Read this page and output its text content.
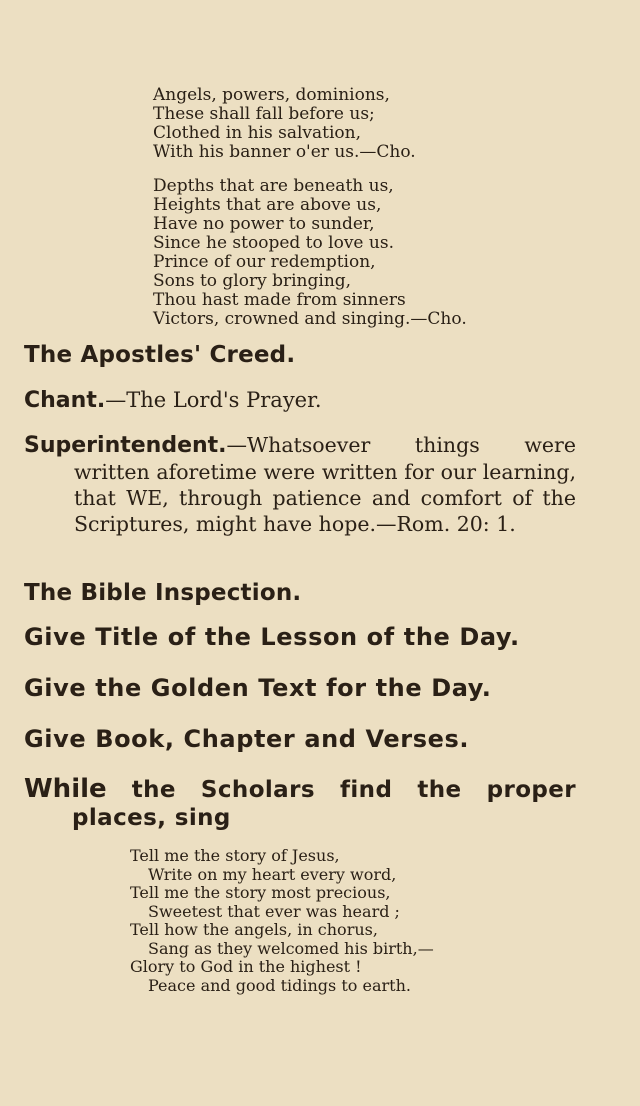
Angels, powers, dominions,
These shall fall before us;
Clothed in his salvation,
With his banner o'er us.—Cho.
Depths that are beneath us,
Heights that are above us,
Have no power to sunder,
Since he stooped to love us.
Prince of our redemption,
Sons to glory bringing,
Thou hast made from sinners
Victors, crowned and singing.—Cho.

The Apostles' Creed.

Chant.—The Lord's Prayer.

Superintendent.—Whatsoever things were written aforetime were written for our learning, that WE, through patience and comfort of the Scriptures, might have hope.—Rom. 20: 1.

The Bible Inspection.

Give Title of the Lesson of the Day.

Give the Golden Text for the Day.

Give Book, Chapter and Verses.

While the Scholars find the proper places, sing

Tell me the story of Jesus,
Write on my heart every word,
Tell me the story most precious,
Sweetest that ever was heard ;
Tell how the angels, in chorus,
Sang as they welcomed his birth,—
Glory to God in the highest !
Peace and good tidings to earth.
